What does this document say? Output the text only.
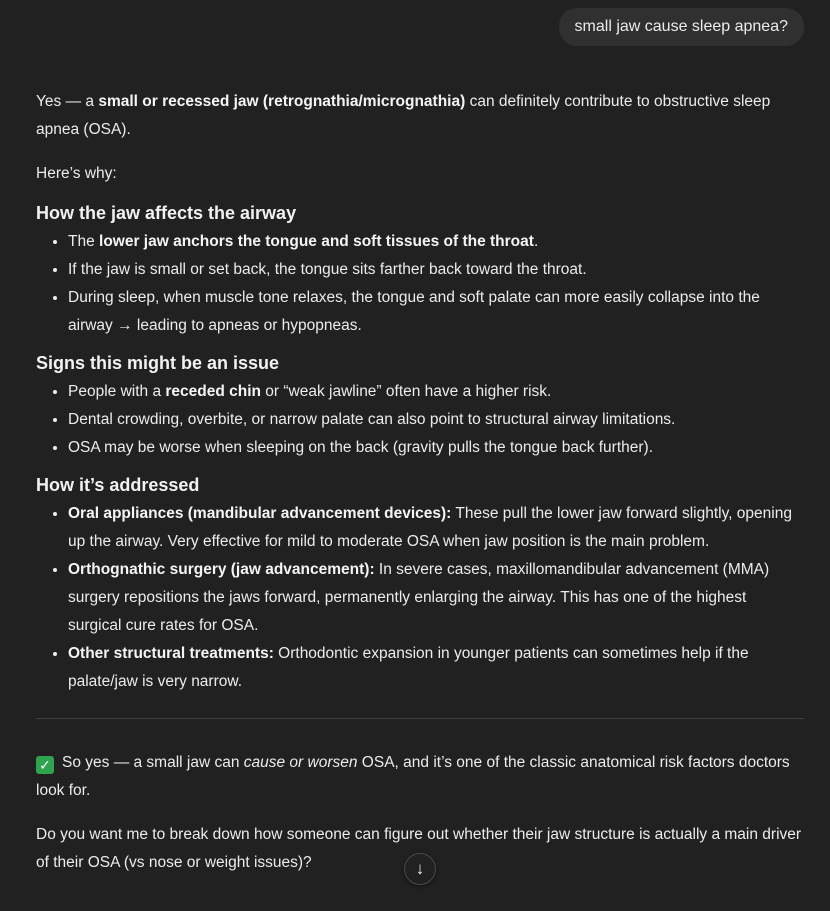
small jaw cause sleep apnea?

Yes — a small or recessed jaw (retrognathia/micrognathia) can definitely contribute to obstructive sleep apnea (OSA).

Here’s why:

How the jaw affects the airway
• The lower jaw anchors the tongue and soft tissues of the throat.
• If the jaw is small or set back, the tongue sits farther back toward the throat.
• During sleep, when muscle tone relaxes, the tongue and soft palate can more easily collapse into the airway → leading to apneas or hypopneas.
Signs this might be an issue
• People with a receded chin or “weak jawline” often have a higher risk.
• Dental crowding, overbite, or narrow palate can also point to structural airway limitations.
• OSA may be worse when sleeping on the back (gravity pulls the tongue back further).
How it’s addressed
• Oral appliances (mandibular advancement devices): These pull the lower jaw forward slightly, opening up the airway. Very effective for mild to moderate OSA when jaw position is the main problem.
• Orthognathic surgery (jaw advancement): In severe cases, maxillomandibular advancement (MMA) surgery repositions the jaws forward, permanently enlarging the airway. This has one of the highest surgical cure rates for OSA.
• Other structural treatments: Orthodontic expansion in younger patients can sometimes help if the palate/jaw is very narrow.

✓ So yes — a small jaw can cause or worsen OSA, and it’s one of the classic anatomical risk factors doctors look for.

Do you want me to break down how someone can figure out whether their jaw structure is actually a main driver of their OSA (vs nose or weight issues)?	↓
